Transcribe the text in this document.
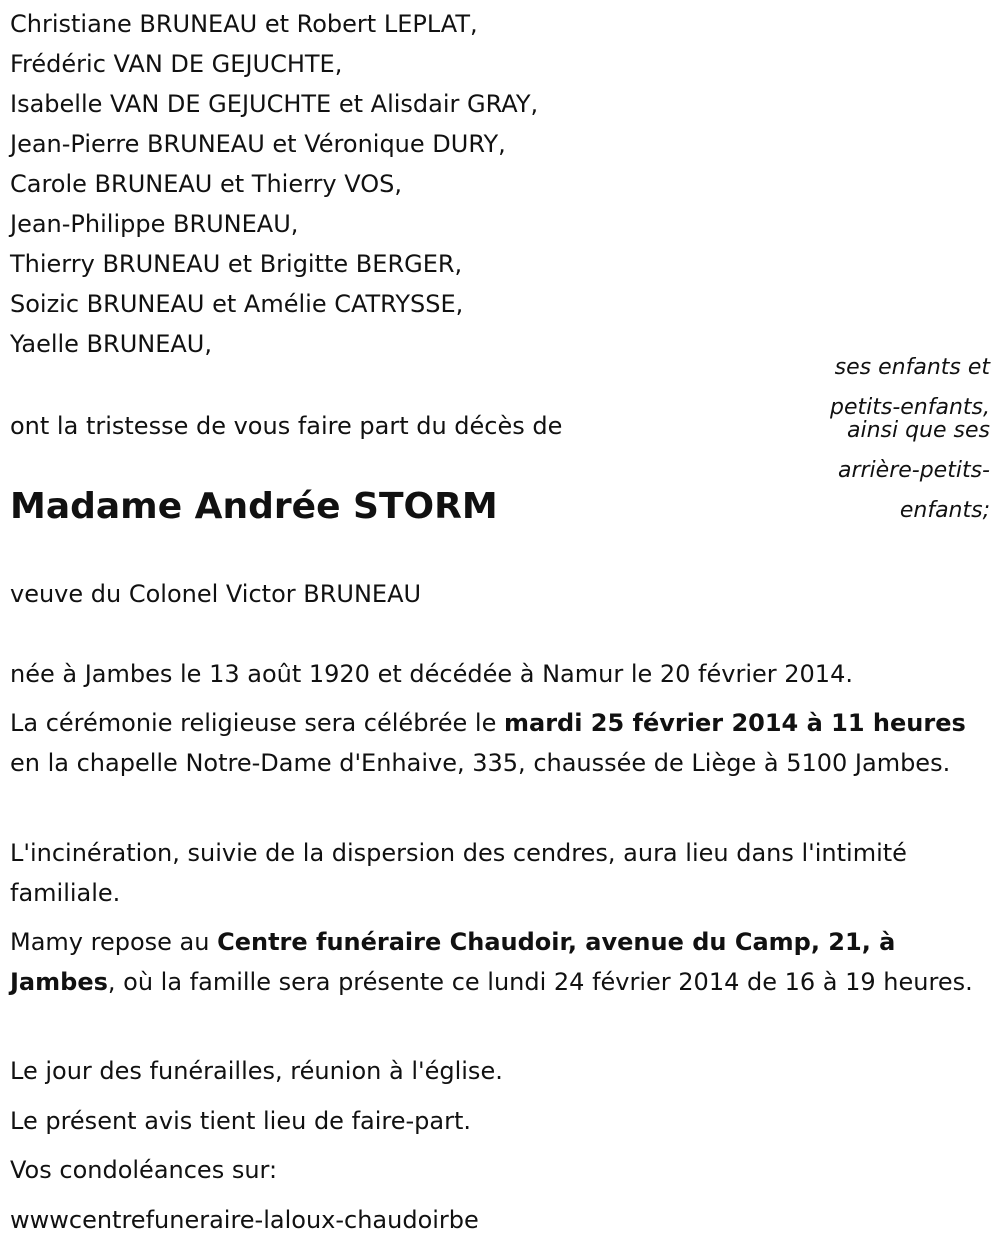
Christiane BRUNEAU et Robert LEPLAT,
Frédéric VAN DE GEJUCHTE,
Isabelle VAN DE GEJUCHTE et Alisdair GRAY,
Jean-Pierre BRUNEAU et Véronique DURY,
Carole BRUNEAU et Thierry VOS,
Jean-Philippe BRUNEAU,
Thierry BRUNEAU et Brigitte BERGER,
Soizic BRUNEAU et Amélie CATRYSSE,
Yaelle BRUNEAU,
ses enfants et
petits-enfants,
ainsi que ses
arrière-petits-
enfants;
ont la tristesse de vous faire part du décès de
Madame Andrée STORM
veuve du Colonel Victor BRUNEAU
née à Jambes le 13 août 1920 et décédée à Namur le 20 février 2014.

La cérémonie religieuse sera célébrée le mardi 25 février 2014 à 11 heures en la chapelle Notre-Dame d'Enhaive, 335, chaussée de Liège à 5100 Jambes.

L'incinération, suivie de la dispersion des cendres, aura lieu dans l'intimité familiale.

Mamy repose au Centre funéraire Chaudoir, avenue du Camp, 21, à Jambes, où la famille sera présente ce lundi 24 février 2014 de 16 à 19 heures.

Le jour des funérailles, réunion à l'église.
Le présent avis tient lieu de faire-part.
Vos condoléances sur:
wwwcentrefuneraire-laloux-chaudoirbe
